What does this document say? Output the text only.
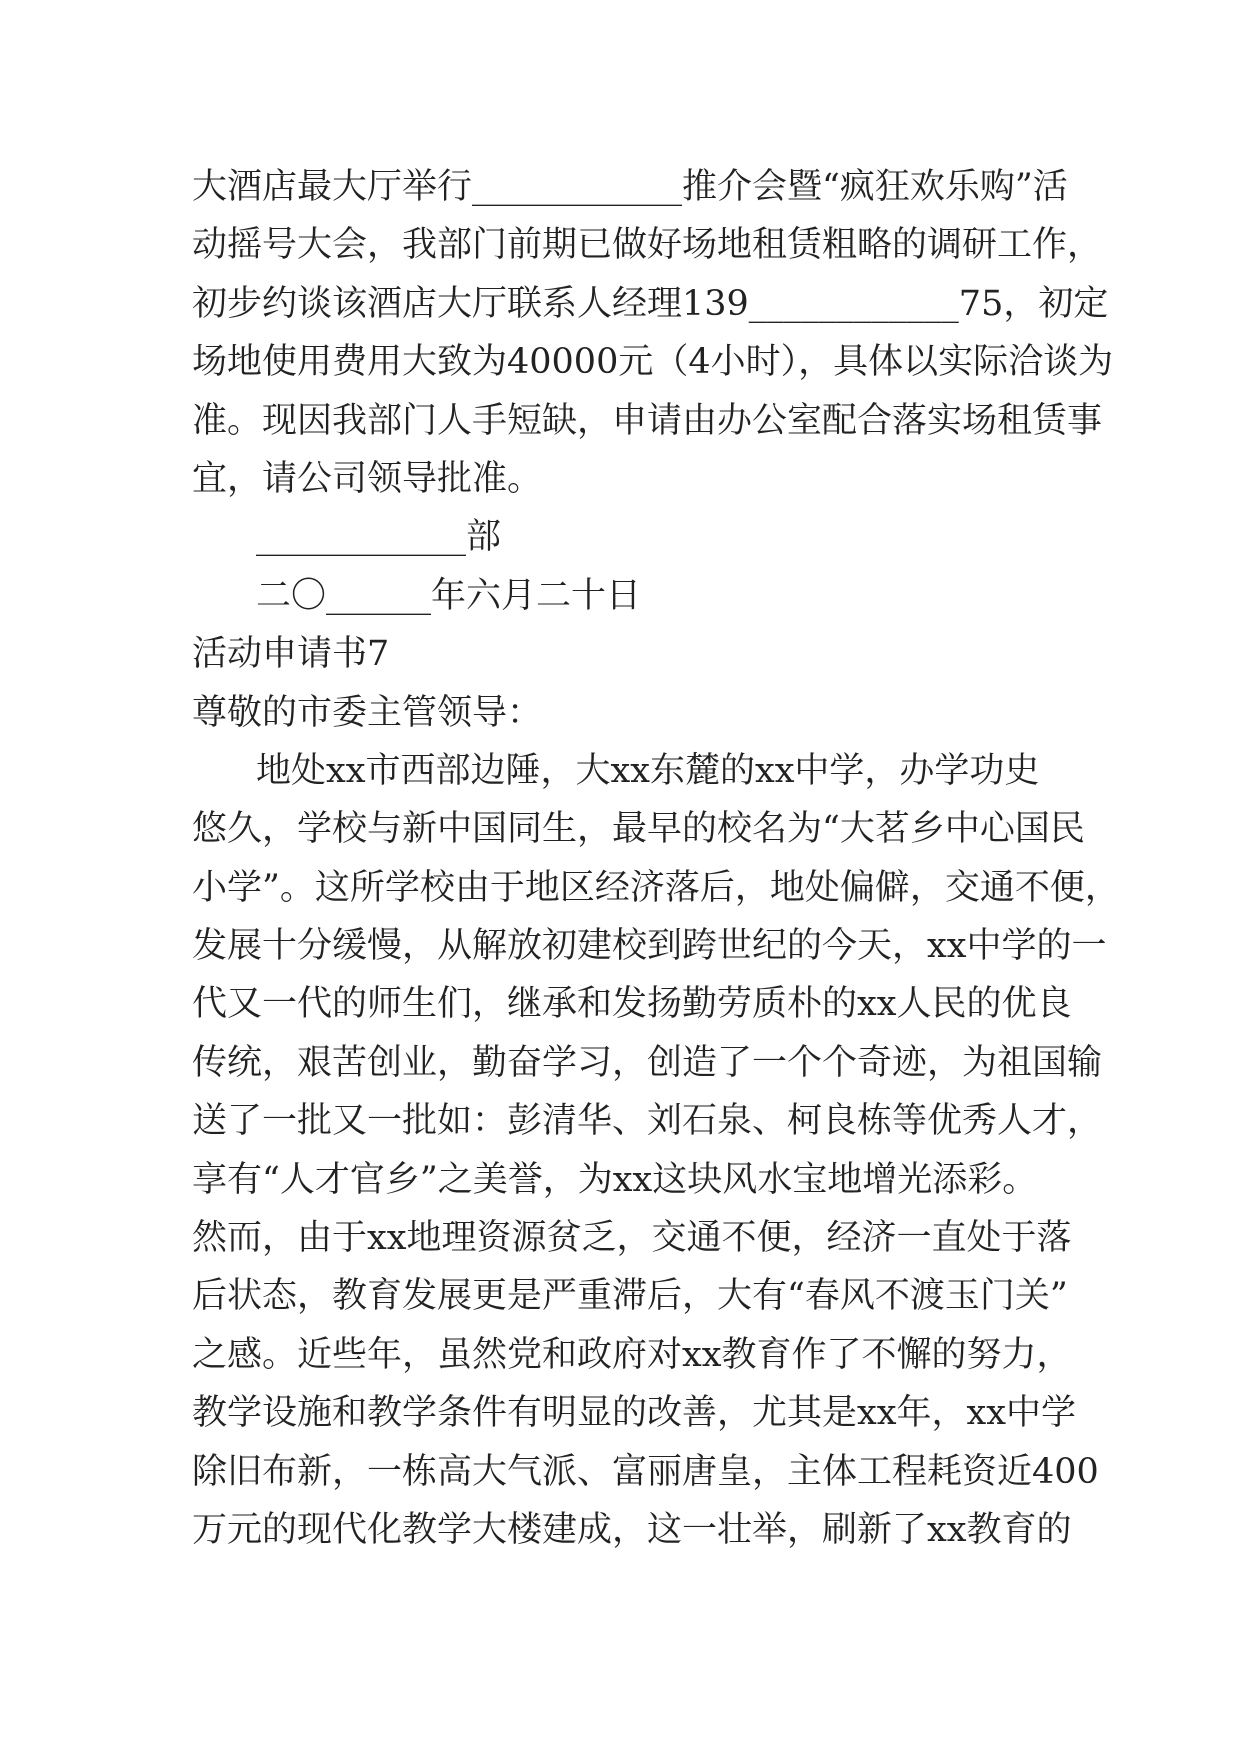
大酒店最大厅举行____________推介会暨“疯狂欢乐购”活
动摇号大会，我部门前期已做好场地租赁粗略的调研工作，
初步约谈该酒店大厅联系人经理139____________75，初定
场地使用费用大致为40000元（4小时），具体以实际洽谈为
准。现因我部门人手短缺，申请由办公室配合落实场租赁事
宜，请公司领导批准。
____________部
二〇______年六月二十日
活动申请书7
尊敬的市委主管领导：
地处xx市西部边陲，大xx东麓的xx中学，办学功史
悠久，学校与新中国同生，最早的校名为“大茗乡中心国民
小学”。这所学校由于地区经济落后，地处偏僻，交通不便，
发展十分缓慢，从解放初建校到跨世纪的今天，xx中学的一
代又一代的师生们，继承和发扬勤劳质朴的xx人民的优良
传统，艰苦创业，勤奋学习，创造了一个个奇迹，为祖国输
送了一批又一批如：彭清华、刘石泉、柯良栋等优秀人才，
享有“人才官乡”之美誉，为xx这块风水宝地增光添彩。
然而，由于xx地理资源贫乏，交通不便，经济一直处于落
后状态，教育发展更是严重滞后，大有“春风不渡玉门关”
之感。近些年，虽然党和政府对xx教育作了不懈的努力，
教学设施和教学条件有明显的改善，尤其是xx年，xx中学
除旧布新，一栋高大气派、富丽唐皇，主体工程耗资近400
万元的现代化教学大楼建成，这一壮举，刷新了xx教育的
